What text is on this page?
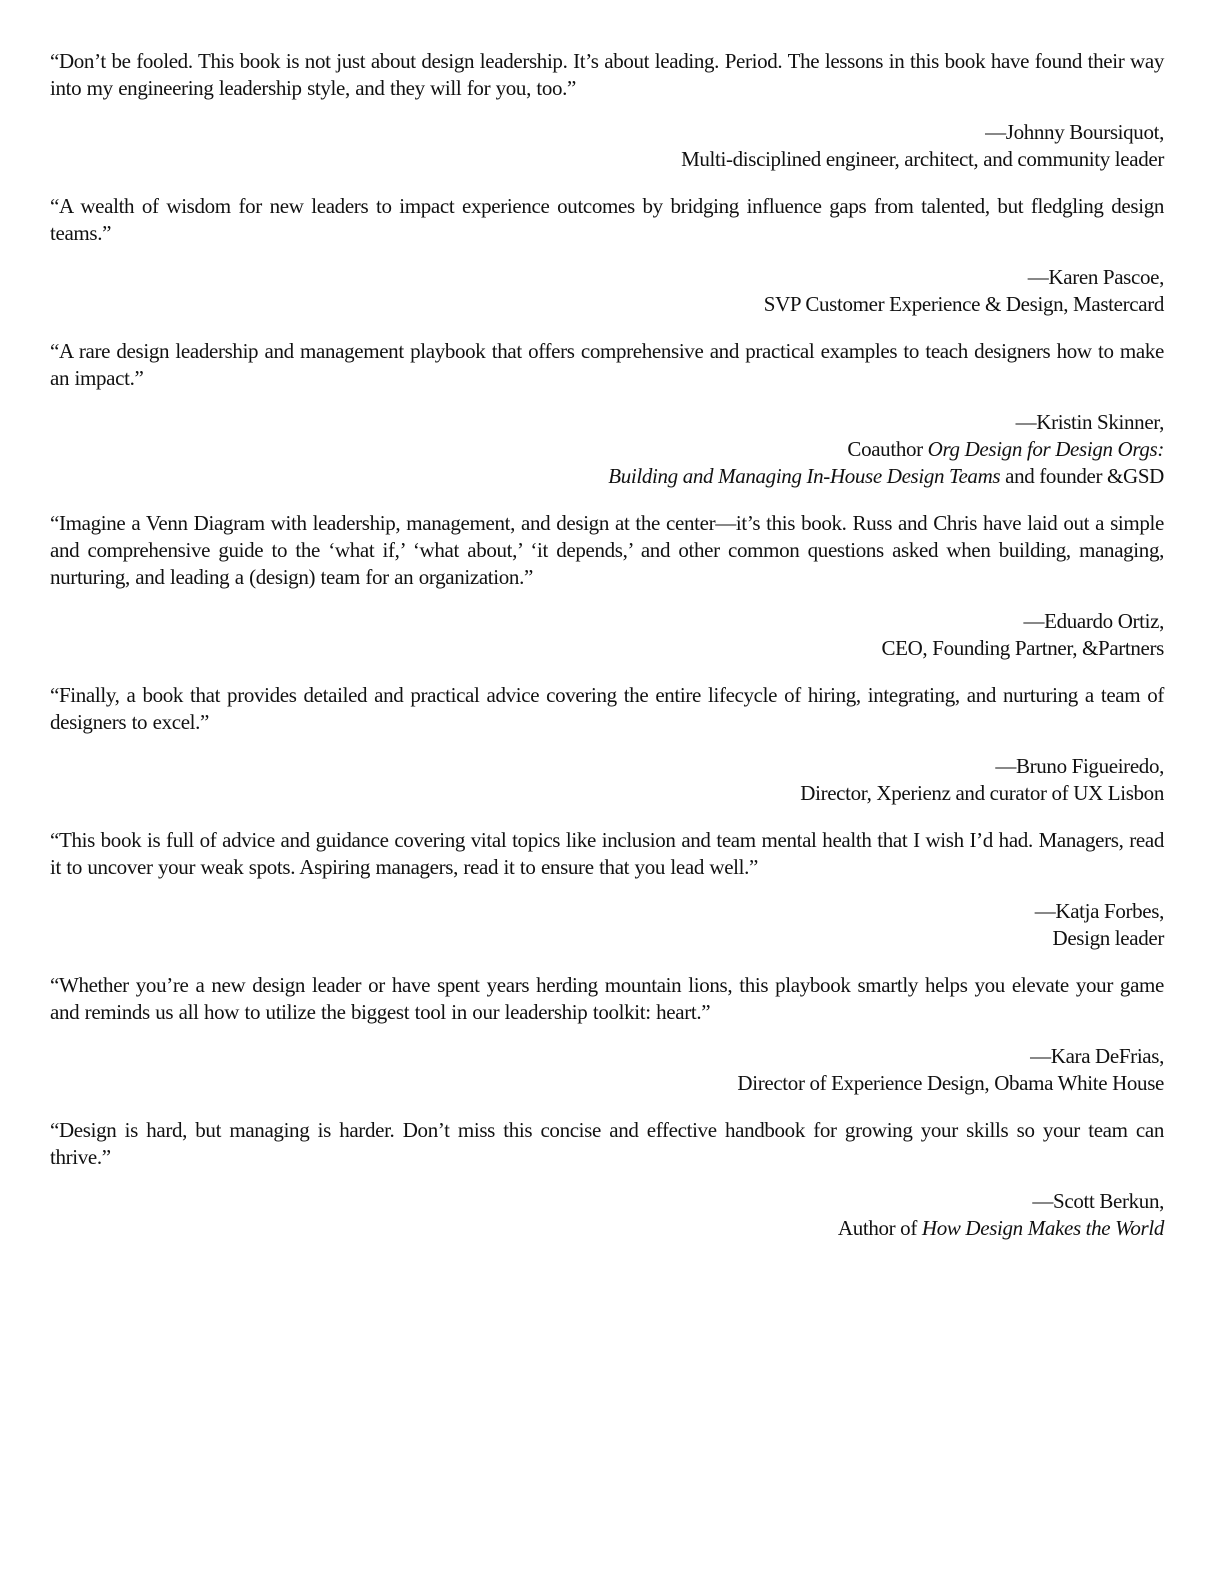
“Don’t be fooled. This book is not just about design leadership. It’s about leading. Period. The lessons in this book have found their way into my engineering leadership style, and they will for you, too.”

—Johnny Boursiquot,
Multi-disciplined engineer, architect, and community leader

“A wealth of wisdom for new leaders to impact experience outcomes by bridging influence gaps from talented, but fledgling design teams.”

—Karen Pascoe,
SVP Customer Experience & Design, Mastercard

“A rare design leadership and management playbook that offers comprehensive and practical examples to teach designers how to make an impact.”

—Kristin Skinner,
Coauthor Org Design for Design Orgs:
Building and Managing In-House Design Teams and founder &GSD

“Imagine a Venn Diagram with leadership, management, and design at the center—it’s this book. Russ and Chris have laid out a simple and comprehensive guide to the ‘what if,’ ‘what about,’ ‘it depends,’ and other common questions asked when building, managing, nurturing, and leading a (design) team for an organization.”

—Eduardo Ortiz,
CEO, Founding Partner, &Partners

“Finally, a book that provides detailed and practical advice covering the entire lifecycle of hiring, integrating, and nurturing a team of designers to excel.”

—Bruno Figueiredo,
Director, Xperienz and curator of UX Lisbon

“This book is full of advice and guidance covering vital topics like inclusion and team mental health that I wish I’d had. Managers, read it to uncover your weak spots. Aspiring managers, read it to ensure that you lead well.”

—Katja Forbes,
Design leader

“Whether you’re a new design leader or have spent years herding mountain lions, this playbook smartly helps you elevate your game and reminds us all how to utilize the biggest tool in our leadership toolkit: heart.”

—Kara DeFrias,
Director of Experience Design, Obama White House

“Design is hard, but managing is harder. Don’t miss this concise and effective handbook for growing your skills so your team can thrive.”

—Scott Berkun,
Author of How Design Makes the World
